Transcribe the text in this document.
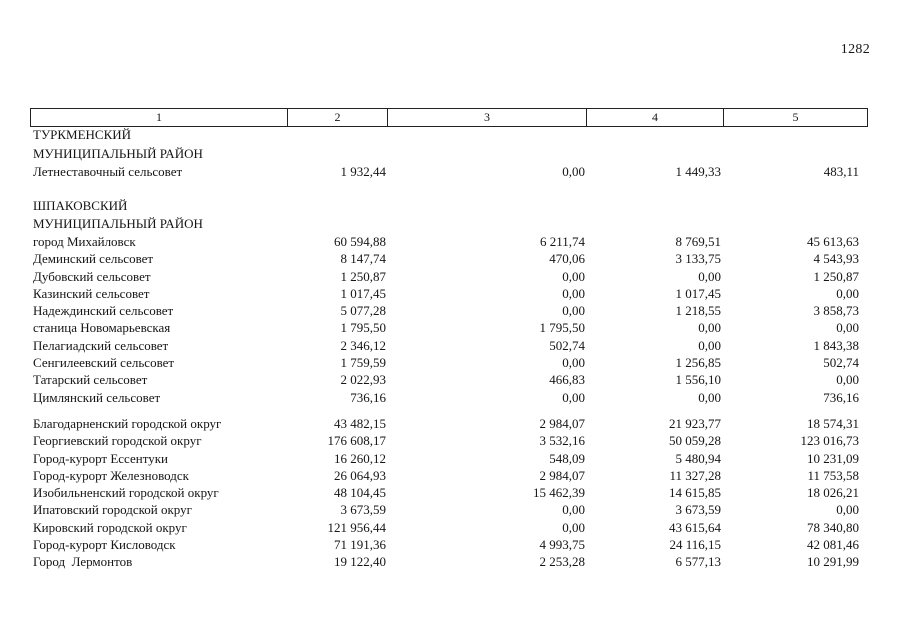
1282
1	2	3	4	5
ТУРКМЕНСКИЙ
МУНИЦИПАЛЬНЫЙ РАЙОН
Летнеставочный сельсовет	1 932,44	0,00	1 449,33	483,11
ШПАКОВСКИЙ
МУНИЦИПАЛЬНЫЙ РАЙОН
город Михайловск	60 594,88	6 211,74	8 769,51	45 613,63
Деминский сельсовет	8 147,74	470,06	3 133,75	4 543,93
Дубовский сельсовет	1 250,87	0,00	0,00	1 250,87
Казинский сельсовет	1 017,45	0,00	1 017,45	0,00
Надеждинский сельсовет	5 077,28	0,00	1 218,55	3 858,73
станица Новомарьевская	1 795,50	1 795,50	0,00	0,00
Пелагиадский сельсовет	2 346,12	502,74	0,00	1 843,38
Сенгилеевский сельсовет	1 759,59	0,00	1 256,85	502,74
Татарский сельсовет	2 022,93	466,83	1 556,10	0,00
Цимлянский сельсовет	736,16	0,00	0,00	736,16
Благодарненский городской округ	43 482,15	2 984,07	21 923,77	18 574,31
Георгиевский городской округ	176 608,17	3 532,16	50 059,28	123 016,73
Город-курорт Ессентуки	16 260,12	548,09	5 480,94	10 231,09
Город-курорт Железноводск	26 064,93	2 984,07	11 327,28	11 753,58
Изобильненский городской округ	48 104,45	15 462,39	14 615,85	18 026,21
Ипатовский городской округ	3 673,59	0,00	3 673,59	0,00
Кировский городской округ	121 956,44	0,00	43 615,64	78 340,80
Город-курорт Кисловодск	71 191,36	4 993,75	24 116,15	42 081,46
Город  Лермонтов	19 122,40	2 253,28	6 577,13	10 291,99
